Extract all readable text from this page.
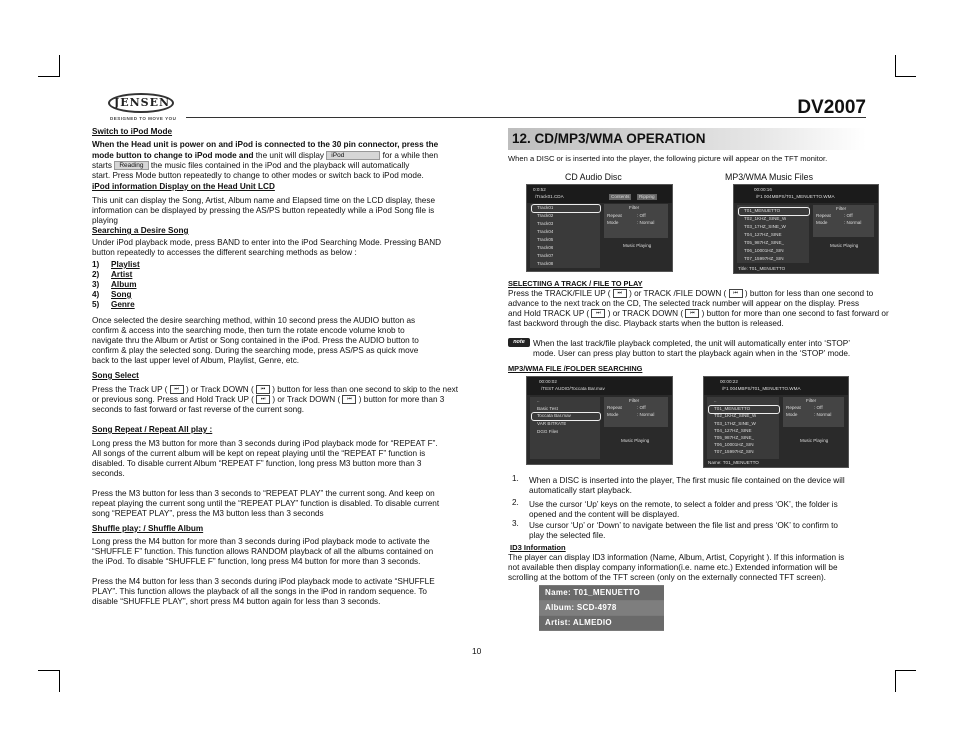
JENSEN
DESIGNED TO MOVE YOU
DV2007
Switch to iPod Mode
When the Head unit is power on and iPod is connected to the 30 pin connector, press the
mode button to change to iPod mode and the unit will display iPod	for a while then
starts Reading the music files contained in the iPod and the playback will automatically
start. Press Mode button repeatedly to change to other modes or switch back to iPod mode.
iPod information Display on the Head Unit LCD
This unit can display the Song, Artist, Album name and Elapsed time on the LCD display, these
information can be displayed by pressing the AS/PS button repeatedly while a iPod Song file is
playing
Searching a Desire Song
Under iPod playback mode, press BAND to enter into the iPod Searching Mode. Pressing BAND
button repeatedly to accesses the different searching methods as below :
1) Playlist
2) Artist
3) Album
4) Song
5) Genre
Once selected the desire searching method, within 10 second press the AUDIO button as
confirm & access into the searching mode, then turn the rotate encode volume knob to
navigate thru the Album or Artist or Song contained in the iPod. Press the AUDIO button to
confirm & play the selected song. During the searching mode, press AS/PS as quick move
back to the last upper level of Album, Playlist, Genre, etc.
Song Select
Press the Track UP ( ⏭ ) or Track DOWN ( ⏮ ) button for less than one second to skip to the next
or previous song. Press and Hold Track UP ( ⏭ ) or Track DOWN ( ⏮ ) button for more than 3
seconds to fast forward or fast reverse of the current song.
Song Repeat / Repeat All play :
Long press the M3 button for more than 3 seconds during iPod playback mode for “REPEAT F”.
All songs of the current album will be kept on repeat playing until the “REPEAT F” function is
disabled. To disable current Album “REPEAT F” function, long press M3 button more than 3
seconds.
Press the M3 button for less than 3 seconds to “REPEAT PLAY” the current song. And keep on
repeat playing the current song until the “REPEAT PLAY” function is disabled. To disable current
song “REPEAT PLAY”, press the M3 button less than 3 seconds
Shuffle play: / Shuffle Album
Long press the M4 button for more than 3 seconds during iPod playback mode to activate the
“SHUFFLE F” function. This function allows RANDOM playback of all the albums contained on
the iPod. To disable “SHUFFLE F” function, long press M4 button for more than 3 seconds.
Press the M4 button for less than 3 seconds during iPod playback mode to activate “SHUFFLE
PLAY”. This function allows the playback of all the songs in the iPod in random sequence. To
disable “SHUFFLE PLAY”, short press M4 button again for less than 3 seconds.
12. CD/MP3/WMA OPERATION
When a DISC or is inserted into the player, the following picture will appear on the TFT monitor.
CD Audio Disc	MP3/WMA Music Files
0:0:52
/Track01.CDA	Contents	Ripping
Track01
Track02
Track03
Track04
Track05
Track06
Track07
Track08
Filter
Repeat	: Off
Mode	: Normal
Music Playing
00:00:16
/F1 004MBPS/T01_MENUETTO.WMA
T01_MENUETTO
T02_1KHZ_SINE_W
T03_17HZ_SINE_W
T04_127HZ_SINE
T05_987HZ_SINE_
T06_10001HZ_SIN
T07_15997HZ_SIN
Filter
Repeat	: Off
Mode	: Normal
Music Playing
Title: T01_MENUETTO
SELECTIING A TRACK / FILE TO PLAY
Press the TRACK/FILE UP ( ⏭ ) or TRACK /FILE DOWN ( ⏮ ) button for less than one second to
advance to the next track on the CD, The selected track number will appear on the display. Press
and Hold TRACK UP ( ⏭ ) or TRACK DOWN ( ⏮ ) button for more than one second to fast forward or
fast backword through the disc. Playback starts when the button is released.
note When the last track/file playback completed, the unit will automatically enter into ‘STOP’
mode. User can press play button to start the playback again when in the ‘STOP’ mode.
MP3/WMA FILE /FOLDER SEARCHING
00:00:02
/TEST AUDIO/Toccata Bar.mav
..
Basic Test
Toccata Bar.mav
VAR BITRATE
DGG Files
Filter
Repeat	: Off
Mode	: Normal
Music Playing
00:00:22
/F1 004MBPS/T01_MENUETTO.WMA
..
T01_MENUETTO
T02_1KHZ_SINE_W
T03_17HZ_SINE_W
T04_127HZ_SINE
T05_987HZ_SINE_
T06_10001HZ_SIN
T07_15997HZ_SIN
Filter
Repeat	: Off
Mode	: Normal
Music Playing
Name: T01_MENUETTO
1. When a DISC is inserted into the player, The first music file contained on the device will
automatically start playback.
2. Use the cursor ‘Up’ keys on the remote, to select a folder and press ‘OK’, the folder is
opened and the content will be displayed.
3. Use cursor ‘Up’ or ‘Down’ to navigate between the file list and press ‘OK’ to confirm to
play the selected file.
ID3 Information
The player can display ID3 information (Name, Album, Artist, Copyright ). If this information is
not available then display company information(i.e. name etc.) Extended information will be
scrolling at the bottom of the TFT screen (only on the externally connected TFT screen).
Name: T01_MENUETTO
Album: SCD-4978
Artist: ALMEDIO
10
